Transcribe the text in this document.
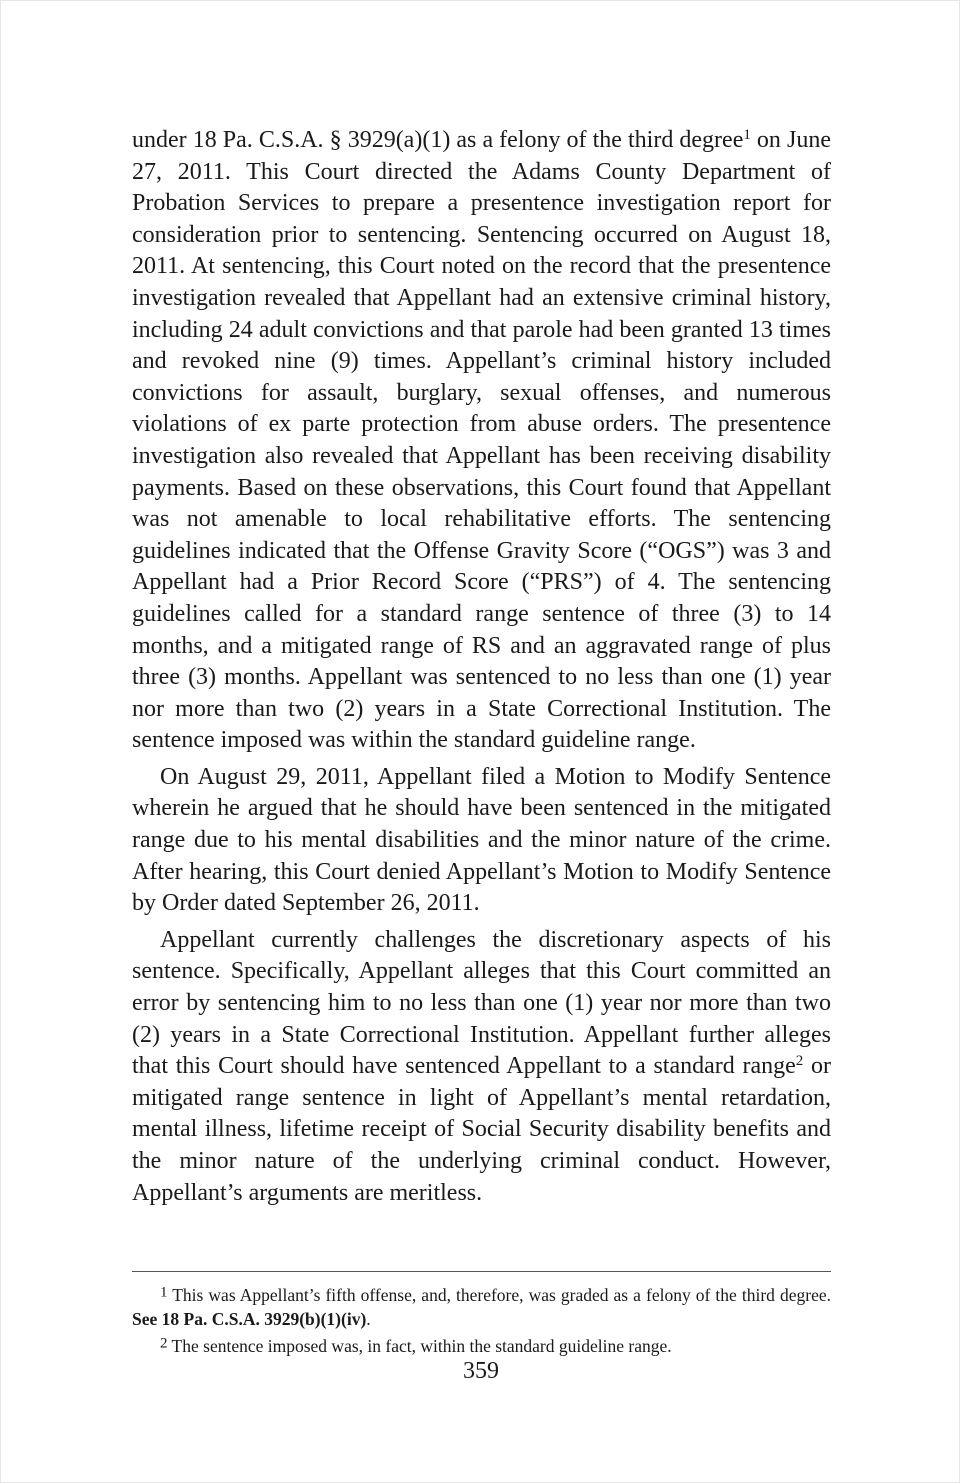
under 18 Pa. C.S.A. § 3929(a)(1) as a felony of the third degree$^1$ on June 27, 2011. This Court directed the Adams County Department of Probation Services to prepare a presentence investigation report for consideration prior to sentencing. Sentencing occurred on August 18, 2011. At sentencing, this Court noted on the record that the presentence investigation revealed that Appellant had an extensive criminal history, including 24 adult convictions and that parole had been granted 13 times and revoked nine (9) times. Appellant’s criminal history included convictions for assault, burglary, sexual offenses, and numerous violations of ex parte protection from abuse orders. The presentence investigation also revealed that Appellant has been receiving disability payments. Based on these observations, this Court found that Appellant was not amenable to local rehabilitative efforts. The sentencing guidelines indicated that the Offense Gravity Score (“OGS”) was 3 and Appellant had a Prior Record Score (“PRS”) of 4. The sentencing guidelines called for a standard range sentence of three (3) to 14 months, and a mitigated range of RS and an aggravated range of plus three (3) months. Appellant was sentenced to no less than one (1) year nor more than two (2) years in a State Correctional Institution. The sentence imposed was within the standard guideline range.

On August 29, 2011, Appellant filed a Motion to Modify Sentence wherein he argued that he should have been sentenced in the mitigated range due to his mental disabilities and the minor nature of the crime. After hearing, this Court denied Appellant’s Motion to Modify Sentence by Order dated September 26, 2011.

Appellant currently challenges the discretionary aspects of his sentence. Specifically, Appellant alleges that this Court committed an error by sentencing him to no less than one (1) year nor more than two (2) years in a State Correctional Institution. Appellant further alleges that this Court should have sentenced Appellant to a standard range$^2$ or mitigated range sentence in light of Appellant’s mental retardation, mental illness, lifetime receipt of Social Security disability benefits and the minor nature of the underlying criminal conduct. However, Appellant’s arguments are meritless.

1 This was Appellant’s fifth offense, and, therefore, was graded as a felony of the third degree. See 18 Pa. C.S.A. 3929(b)(1)(iv).

2 The sentence imposed was, in fact, within the standard guideline range.

359
